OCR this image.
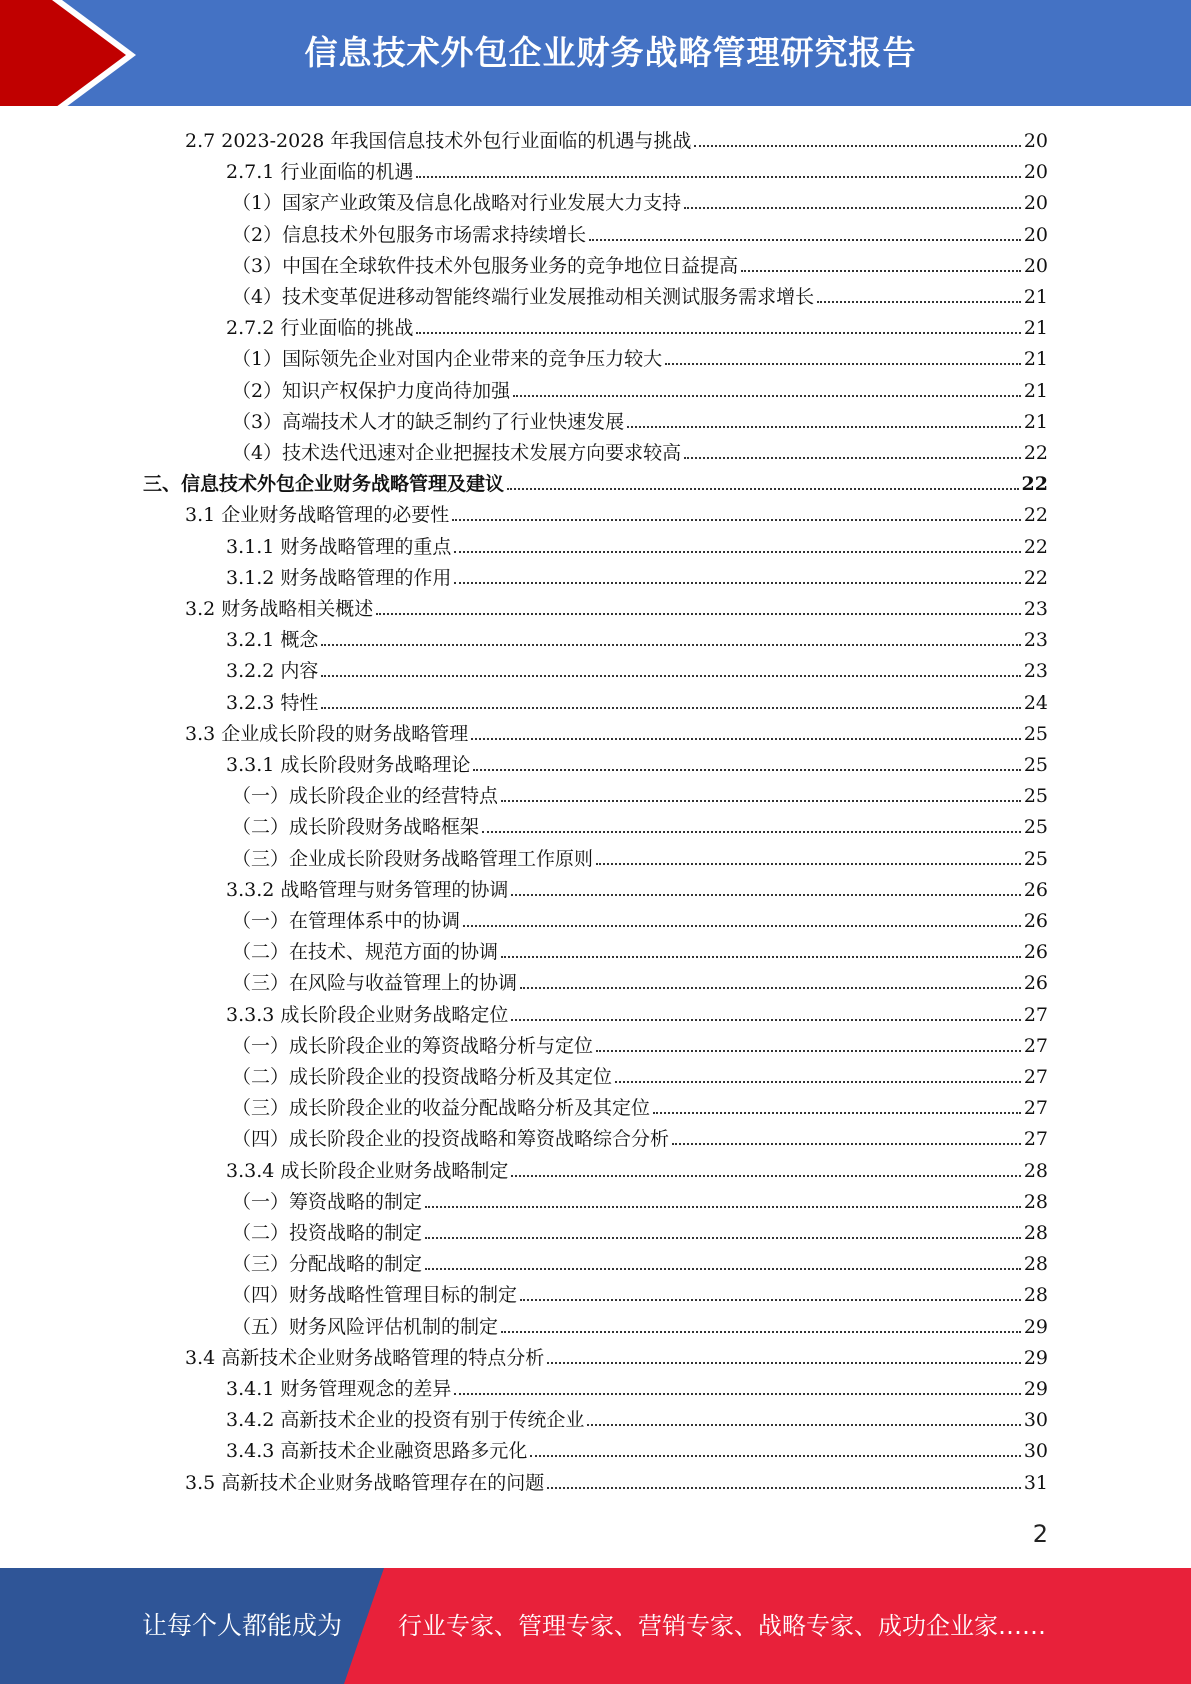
信息技术外包企业财务战略管理研究报告
2.7 2023-2028 年我国信息技术外包行业面临的机遇与挑战	20
2.7.1 行业面临的机遇	20
（1）国家产业政策及信息化战略对行业发展大力支持	20
（2）信息技术外包服务市场需求持续增长	20
（3）中国在全球软件技术外包服务业务的竞争地位日益提高	20
（4）技术变革促进移动智能终端行业发展推动相关测试服务需求增长	21
2.7.2 行业面临的挑战	21
（1）国际领先企业对国内企业带来的竞争压力较大	21
（2）知识产权保护力度尚待加强	21
（3）高端技术人才的缺乏制约了行业快速发展	21
（4）技术迭代迅速对企业把握技术发展方向要求较高	22
三、信息技术外包企业财务战略管理及建议	22
3.1 企业财务战略管理的必要性	22
3.1.1 财务战略管理的重点	22
3.1.2 财务战略管理的作用	22
3.2 财务战略相关概述	23
3.2.1 概念	23
3.2.2 内容	23
3.2.3 特性	24
3.3 企业成长阶段的财务战略管理	25
3.3.1 成长阶段财务战略理论	25
（一）成长阶段企业的经营特点	25
（二）成长阶段财务战略框架	25
（三）企业成长阶段财务战略管理工作原则	25
3.3.2 战略管理与财务管理的协调	26
（一）在管理体系中的协调	26
（二）在技术、规范方面的协调	26
（三）在风险与收益管理上的协调	26
3.3.3 成长阶段企业财务战略定位	27
（一）成长阶段企业的筹资战略分析与定位	27
（二）成长阶段企业的投资战略分析及其定位	27
（三）成长阶段企业的收益分配战略分析及其定位	27
（四）成长阶段企业的投资战略和筹资战略综合分析	27
3.3.4 成长阶段企业财务战略制定	28
（一）筹资战略的制定	28
（二）投资战略的制定	28
（三）分配战略的制定	28
（四）财务战略性管理目标的制定	28
（五）财务风险评估机制的制定	29
3.4 高新技术企业财务战略管理的特点分析	29
3.4.1 财务管理观念的差异	29
3.4.2 高新技术企业的投资有别于传统企业	30
3.4.3 高新技术企业融资思路多元化	30
3.5 高新技术企业财务战略管理存在的问题	31
2
让每个人都能成为 行业专家、管理专家、营销专家、战略专家、成功企业家……
